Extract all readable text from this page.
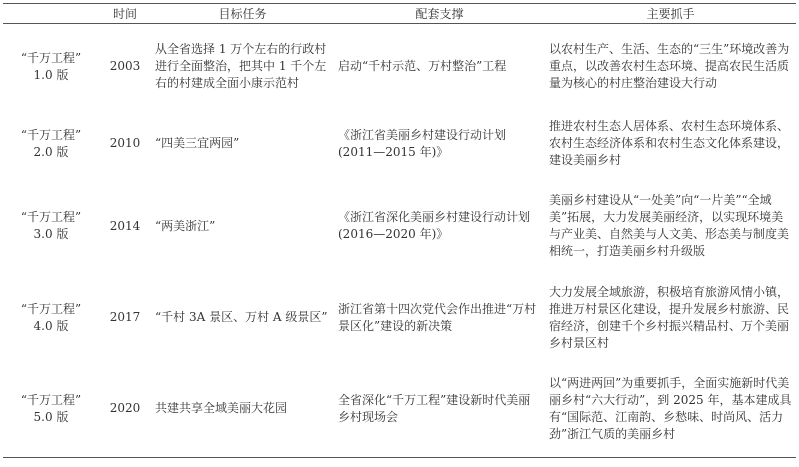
	时间	目标任务	配套支撑	主要抓手

“千万工程”
1.0 版	2003	从全省选择 1 万个左右的行政村进行全面整治，把其中 1 千个左右的村建成全面小康示范村	启动“千村示范、万村整治”工程	以农村生产、生活、生态的“三生”环境改善为重点，以改善农村生态环境、提高农民生活质量为核心的村庄整治建设大行动

“千万工程”
2.0 版	2010	“四美三宜两园”	《浙江省美丽乡村建设行动计划(2011—2015 年)》	推进农村生态人居体系、农村生态环境体系、农村生态经济体系和农村生态文化体系建设，建设美丽乡村

“千万工程”
3.0 版	2014	“两美浙江”	《浙江省深化美丽乡村建设行动计划(2016—2020 年)》	美丽乡村建设从“一处美”向“一片美”“全域美”拓展，大力发展美丽经济，以实现环境美与产业美、自然美与人文美、形态美与制度美相统一，打造美丽乡村升级版

“千万工程”
4.0 版	2017	“千村 3A 景区、万村 A 级景区”	浙江省第十四次党代会作出推进“万村景区化”建设的新决策	大力发展全域旅游，积极培育旅游风情小镇，推进万村景区化建设，提升发展乡村旅游、民宿经济，创建千个乡村振兴精品村、万个美丽乡村景区村

“千万工程”
5.0 版	2020	共建共享全域美丽大花园	全省深化“千万工程”建设新时代美丽乡村现场会	以“两进两回”为重要抓手，全面实施新时代美丽乡村“六大行动”，到 2025 年，基本建成具有“国际范、江南韵、乡愁味、时尚风、活力劲”浙江气质的美丽乡村
